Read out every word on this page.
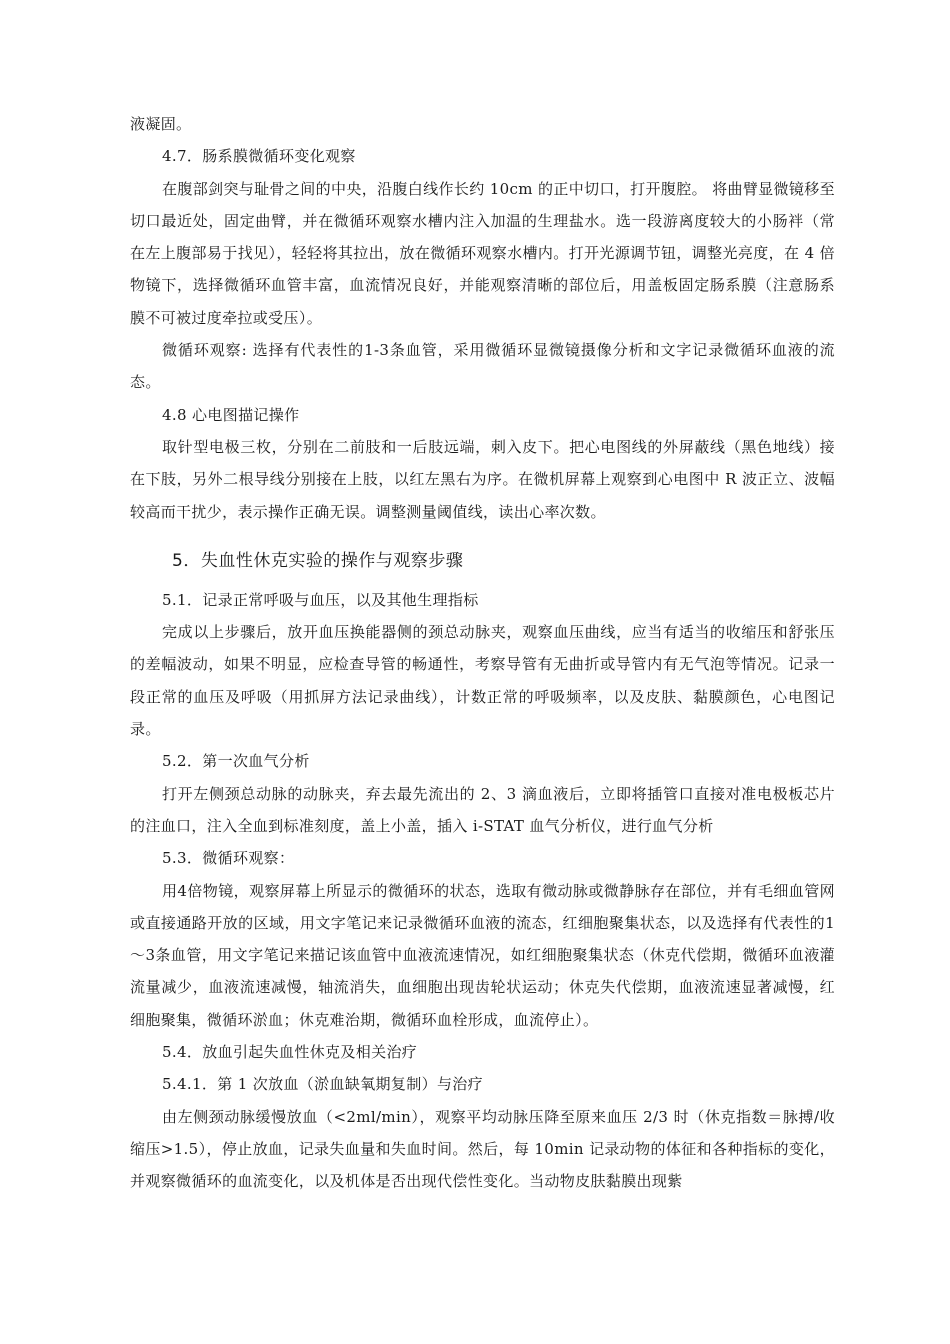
液凝固。

4.7．肠系膜微循环变化观察

在腹部剑突与耻骨之间的中央，沿腹白线作长约 10cm 的正中切口，打开腹腔。 将曲臂显微镜移至切口最近处，固定曲臂，并在微循环观察水槽内注入加温的生理盐水。选一段游离度较大的小肠袢（常在左上腹部易于找见），轻轻将其拉出，放在微循环观察水槽内。打开光源调节钮，调整光亮度，在 4 倍物镜下，选择微循环血管丰富，血流情况良好，并能观察清晰的部位后，用盖板固定肠系膜（注意肠系膜不可被过度牵拉或受压）。

微循环观察: 选择有代表性的1-3条血管，采用微循环显微镜摄像分析和文字记录微循环血液的流态。

4.8 心电图描记操作

取针型电极三枚，分别在二前肢和一后肢远端，刺入皮下。把心电图线的外屏蔽线（黑色地线）接在下肢，另外二根导线分别接在上肢，以红左黑右为序。在微机屏幕上观察到心电图中 R 波正立、波幅较高而干扰少，表示操作正确无误。调整测量阈值线，读出心率次数。

5．失血性休克实验的操作与观察步骤

5.1．记录正常呼吸与血压，以及其他生理指标

完成以上步骤后，放开血压换能器侧的颈总动脉夹，观察血压曲线，应当有适当的收缩压和舒张压的差幅波动，如果不明显，应检查导管的畅通性，考察导管有无曲折或导管内有无气泡等情况。记录一段正常的血压及呼吸（用抓屏方法记录曲线），计数正常的呼吸频率，以及皮肤、黏膜颜色，心电图记录。

5.2．第一次血气分析

打开左侧颈总动脉的动脉夹，弃去最先流出的 2、3 滴血液后，立即将插管口直接对准电极板芯片的注血口，注入全血到标准刻度，盖上小盖，插入 i-STAT 血气分析仪，进行血气分析

5.3．微循环观察：

用4倍物镜，观察屏幕上所显示的微循环的状态，选取有微动脉或微静脉存在部位，并有毛细血管网或直接通路开放的区域，用文字笔记来记录微循环血液的流态，红细胞聚集状态，以及选择有代表性的1～3条血管，用文字笔记来描记该血管中血液流速情况，如红细胞聚集状态（休克代偿期，微循环血液灌流量减少，血液流速减慢，轴流消失，血细胞出现齿轮状运动；休克失代偿期，血液流速显著减慢，红细胞聚集，微循环淤血；休克难治期，微循环血栓形成，血流停止）。

5.4．放血引起失血性休克及相关治疗

5.4.1．第 1 次放血（淤血缺氧期复制）与治疗

由左侧颈动脉缓慢放血（<2ml/min），观察平均动脉压降至原来血压 2/3 时（休克指数＝脉搏/收缩压>1.5），停止放血，记录失血量和失血时间。然后，每 10min 记录动物的体征和各种指标的变化，并观察微循环的血流变化，以及机体是否出现代偿性变化。当动物皮肤黏膜出现紫
